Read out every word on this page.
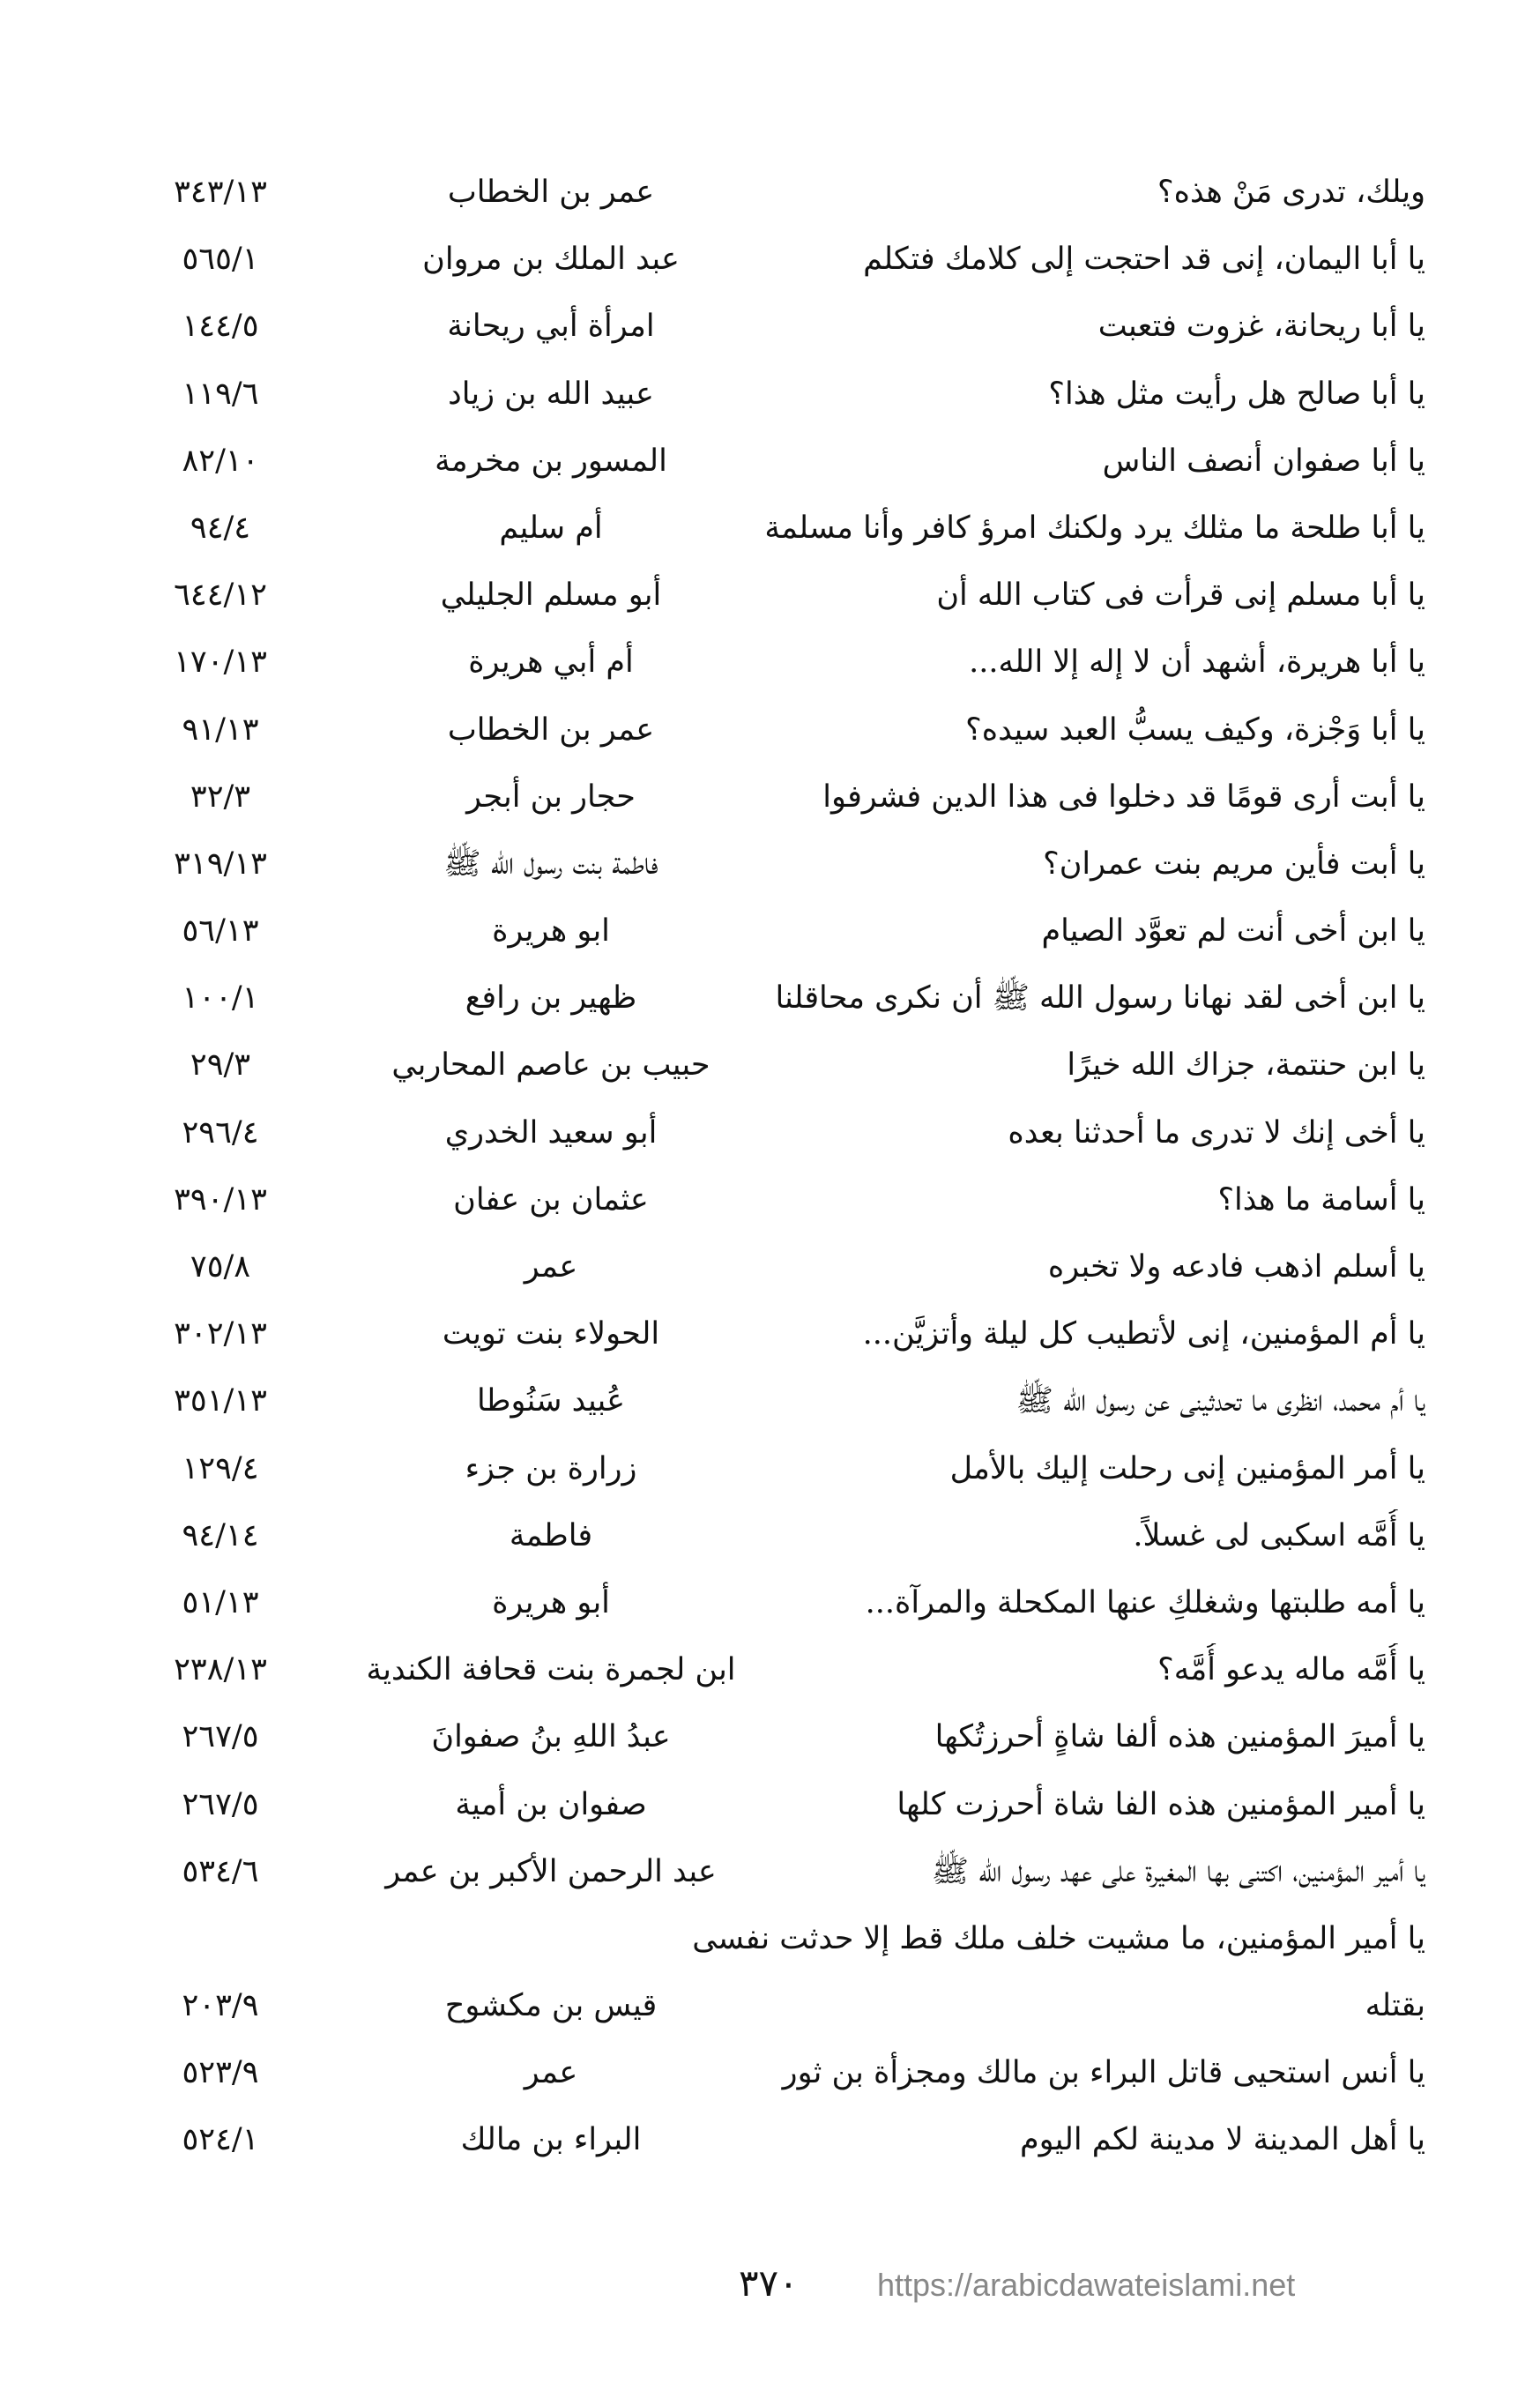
ويلك، تدرى مَنْ هذه؟
عمر بن الخطاب
٣٤٣/١٣
يا أبا اليمان، إنى قد احتجت إلى كلامك فتكلم
عبد الملك بن مروان
٥٦٥/١
يا أبا ريحانة، غزوت فتعبت
امرأة أبي ريحانة
١٤٤/٥
يا أبا صالح هل رأيت مثل هذا؟
عبيد الله بن زياد
١١٩/٦
يا أبا صفوان أنصف الناس
المسور بن مخرمة
٨٢/١٠
يا أبا طلحة ما مثلك يرد ولكنك امرؤ كافر وأنا مسلمة
أم سليم
٩٤/٤
يا أبا مسلم إنى قرأت فى كتاب الله أن
أبو مسلم الجليلي
٦٤٤/١٢
يا أبا هريرة، أشهد أن لا إله إلا الله...
أم أبي هريرة
١٧٠/١٣
يا أبا وَجْزة، وكيف يسبُّ العبد سيده؟
عمر بن الخطاب
٩١/١٣
يا أبت أرى قومًا قد دخلوا فى هذا الدين فشرفوا
حجار بن أبجر
٣٢/٣
يا أبت فأين مريم بنت عمران؟
فاطمة بنت رسول الله ﷺ
٣١٩/١٣
يا ابن أخى أنت لم تعوَّد الصيام
ابو هريرة
٥٦/١٣
يا ابن أخى لقد نهانا رسول الله ﷺ أن نكرى محاقلنا
ظهير بن رافع
١٠٠/١
يا ابن حنتمة، جزاك الله خيرًا
حبيب بن عاصم المحاربي
٢٩/٣
يا أخى إنك لا تدرى ما أحدثنا بعده
أبو سعيد الخدري
٢٩٦/٤
يا أسامة ما هذا؟
عثمان بن عفان
٣٩٠/١٣
يا أسلم اذهب فادعه ولا تخبره
عمر
٧٥/٨
يا أم المؤمنين، إنى لأتطيب كل ليلة وأتزيَّن...
الحولاء بنت تويت
٣٠٢/١٣
يا أم محمد، انظرى ما تحدثينى عن رسول الله ﷺ
عُبيد سَنُوطا
٣٥١/١٣
يا أمر المؤمنين إنى رحلت إليك بالأمل
زرارة بن جزء
١٢٩/٤
يا أُمَّه اسكبى لى غسلاً.
فاطمة
٩٤/١٤
يا أمه طلبتها وشغلكِ عنها المكحلة والمرآة...
أبو هريرة
٥١/١٣
يا أُمَّه ماله يدعو أُمَّه؟
ابن لجمرة بنت قحافة الكندية
٢٣٨/١٣
يا أميرَ المؤمنين هذه ألفا شاةٍ أحرزتُكها
عبدُ اللهِ بنُ صفوانَ
٢٦٧/٥
يا أمير المؤمنين هذه الفا شاة أحرزت كلها
صفوان بن أمية
٢٦٧/٥
يا أمير المؤمنين، اكتنى بها المغيرة على عهد رسول الله ﷺ
عبد الرحمن الأكبر بن عمر
٥٣٤/٦
يا أمير المؤمنين، ما مشيت خلف ملك قط إلا حدثت نفسى
بقتله
قيس بن مكشوح
٢٠٣/٩
يا أنس استحيى قاتل البراء بن مالك ومجزأة بن ثور
عمر
٥٢٣/٩
يا أهل المدينة لا مدينة لكم اليوم
البراء بن مالك
٥٢٤/١
٣٧٠ https://arabicdawateislami.net
